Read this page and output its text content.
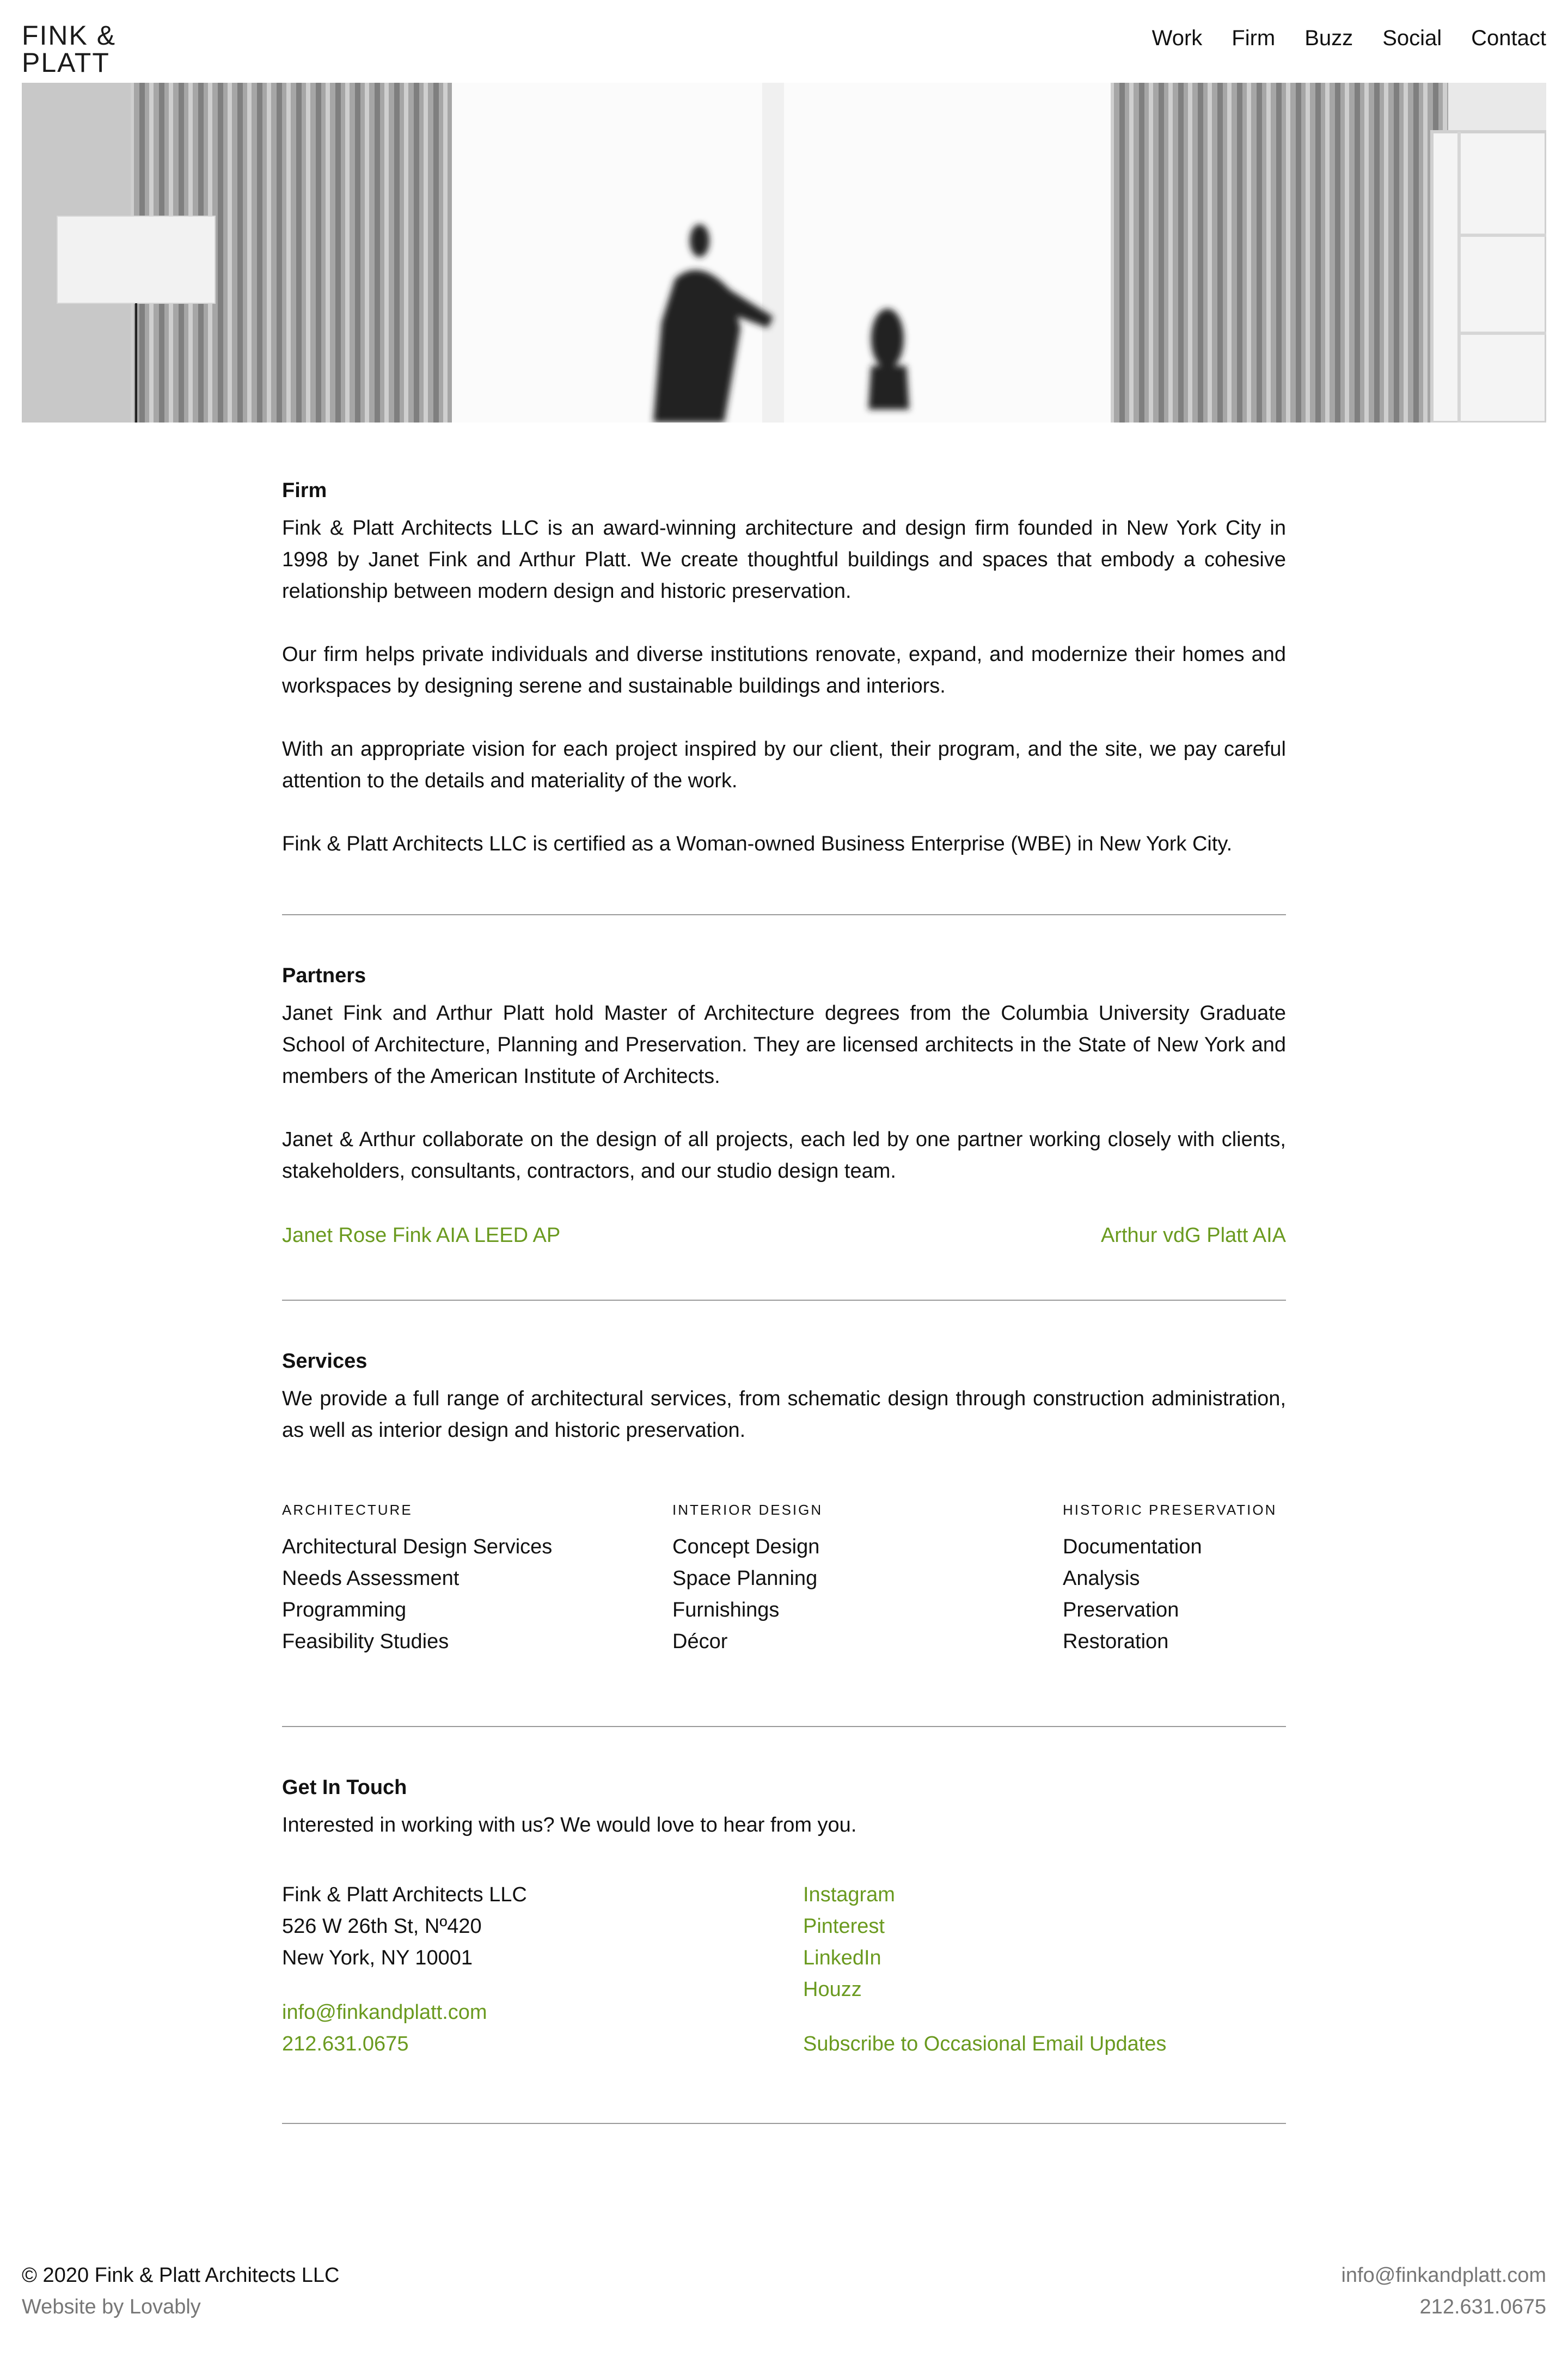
FINK & PLATT
Work Firm Buzz Social Contact
Firm

Fink & Platt Architects LLC is an award-winning architecture and design firm founded in New York City in 1998 by Janet Fink and Arthur Platt. We create thoughtful buildings and spaces that embody a cohesive relationship between modern design and historic preservation.

Our firm helps private individuals and diverse institutions renovate, expand, and modernize their homes and workspaces by designing serene and sustainable buildings and interiors.

With an appropriate vision for each project inspired by our client, their program, and the site, we pay careful attention to the details and materiality of the work.

Fink & Platt Architects LLC is certified as a Woman-owned Business Enterprise (WBE) in New York City.

Partners

Janet Fink and Arthur Platt hold Master of Architecture degrees from the Columbia University Graduate School of Architecture, Planning and Preservation. They are licensed architects in the State of New York and members of the American Institute of Architects.

Janet & Arthur collaborate on the design of all projects, each led by one partner working closely with clients, stakeholders, consultants, contractors, and our studio design team.

Janet Rose Fink AIA LEED AP	Arthur vdG Platt AIA
Services

We provide a full range of architectural services, from schematic design through construction administration, as well as interior design and historic preservation.

ARCHITECTURE
Architectural Design Services
Needs Assessment
Programming
Feasibility Studies
INTERIOR DESIGN
Concept Design
Space Planning
Furnishings
Décor
HISTORIC PRESERVATION
Documentation
Analysis
Preservation
Restoration
Get In Touch

Interested in working with us? We would love to hear from you.

Fink & Platt Architects LLC
526 W 26th St, Nº420
New York, NY 10001
info@finkandplatt.com
212.631.0675
Instagram
Pinterest
LinkedIn
Houzz
Subscribe to Occasional Email Updates
© 2020 Fink & Platt Architects LLC
Website by Lovably
info@finkandplatt.com
212.631.0675
